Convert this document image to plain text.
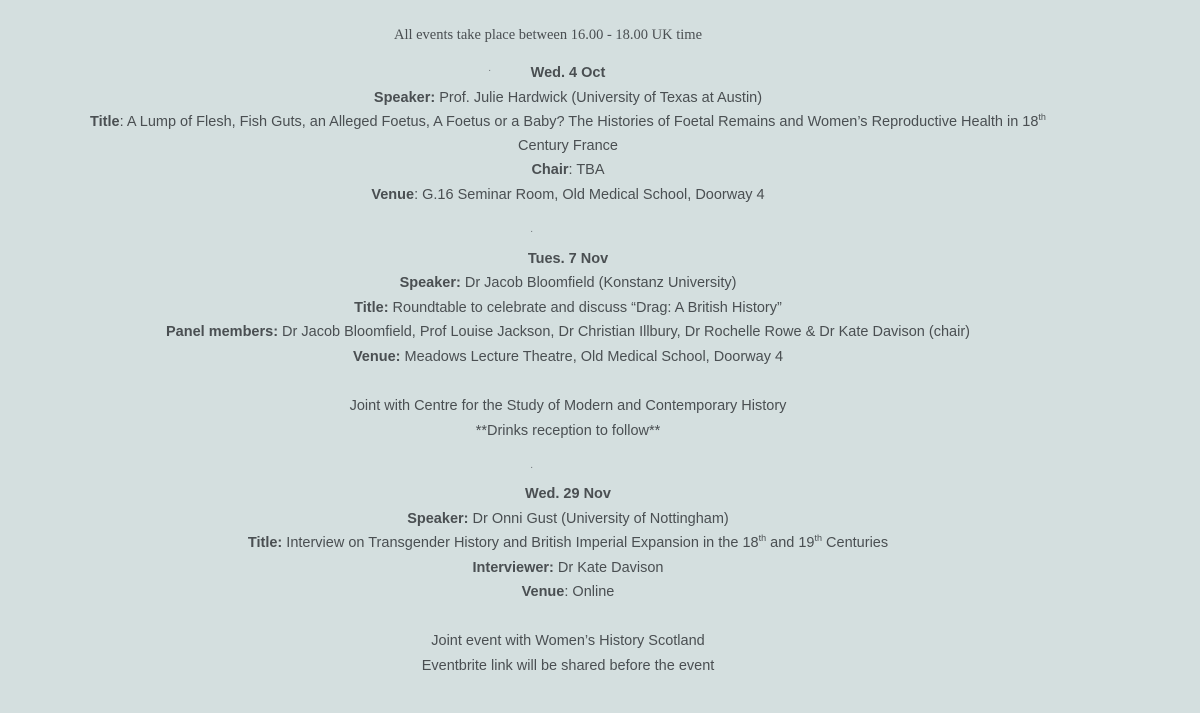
All events take place between 16.00 - 18.00 UK time
·	Wed. 4 Oct
Speaker: Prof. Julie Hardwick (University of Texas at Austin)
Title: A Lump of Flesh, Fish Guts, an Alleged Foetus, A Foetus or a Baby? The Histories of Foetal Remains and Women’s Reproductive Health in 18th
Century France
Chair: TBA
Venue: G.16 Seminar Room, Old Medical School, Doorway 4
·
Tues. 7 Nov
Speaker: Dr Jacob Bloomfield (Konstanz University)
Title: Roundtable to celebrate and discuss “Drag: A British History”
Panel members: Dr Jacob Bloomfield, Prof Louise Jackson, Dr Christian Illbury, Dr Rochelle Rowe & Dr Kate Davison (chair)
Venue: Meadows Lecture Theatre, Old Medical School, Doorway 4
Joint with Centre for the Study of Modern and Contemporary History
**Drinks reception to follow**
·
Wed. 29 Nov
Speaker: Dr Onni Gust (University of Nottingham)
Title: Interview on Transgender History and British Imperial Expansion in the 18th and 19th Centuries
Interviewer: Dr Kate Davison
Venue: Online
Joint event with Women’s History Scotland
Eventbrite link will be shared before the event
